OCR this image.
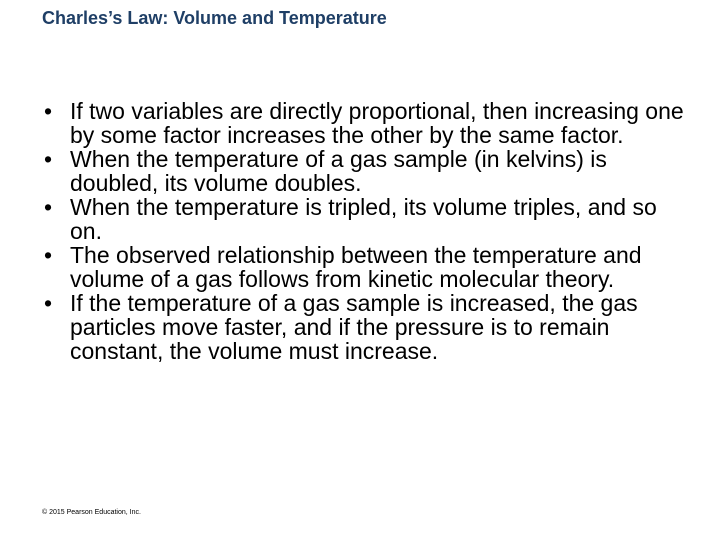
Charles’s Law: Volume and Temperature
• If two variables are directly proportional, then increasing one by some factor increases the other by the same factor.
• When the temperature of a gas sample (in kelvins) is doubled, its volume doubles.
• When the temperature is tripled, its volume triples, and so on.
• The observed relationship between the temperature and volume of a gas follows from kinetic molecular theory.
• If the temperature of a gas sample is increased, the gas particles move faster, and if the pressure is to remain constant, the volume must increase.
© 2015 Pearson Education, Inc.
